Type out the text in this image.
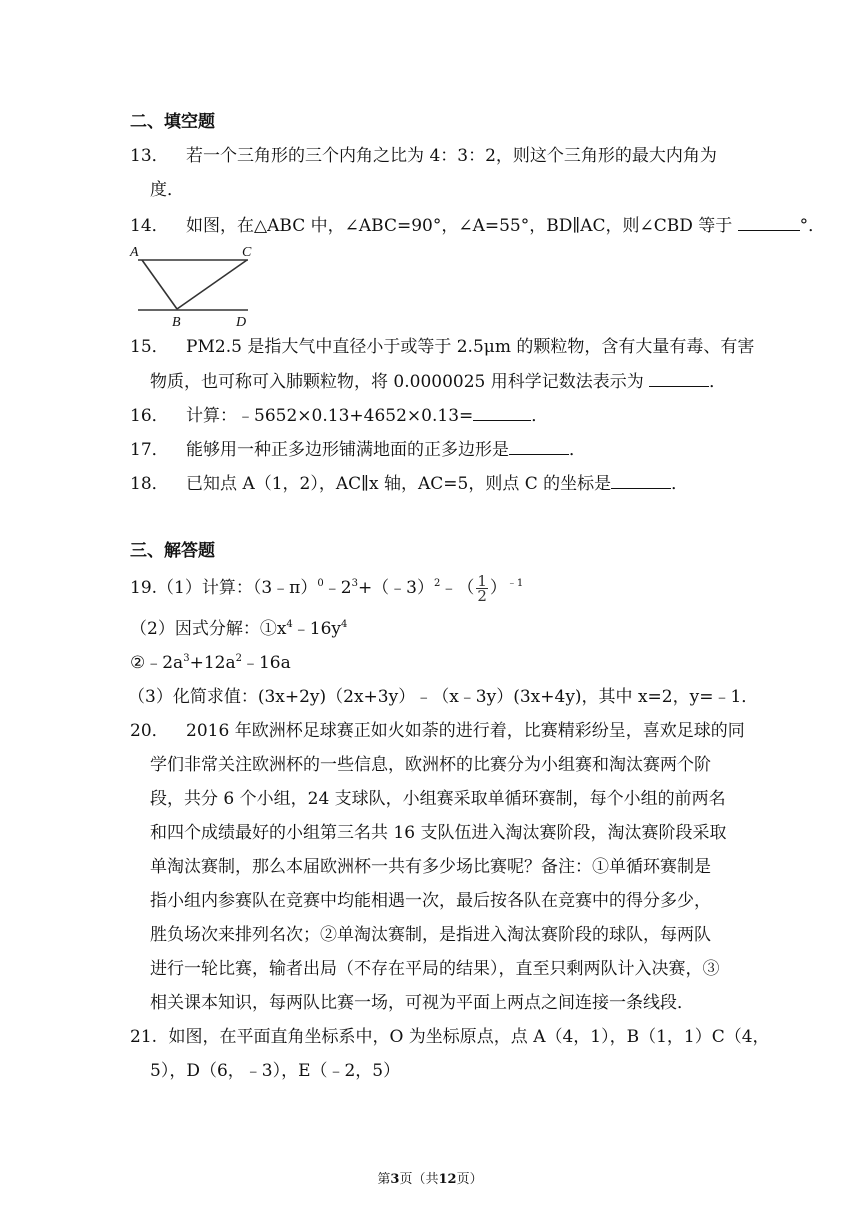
二、填空题
13． 若一个三角形的三个内角之比为 4：3：2，则这个三角形的最大内角为
度．
14． 如图，在△ABC 中，∠ABC=90°，∠A=55°，BD∥AC，则∠CBD 等于	°．
A	C
B	D
15． PM2.5 是指大气中直径小于或等于 2.5μm 的颗粒物，含有大量有毒、有害
物质，也可称可入肺颗粒物，将 0.0000025 用科学记数法表示为	．
16． 计算：﹣5652×0.13+4652×0.13=	．
17． 能够用一种正多边形铺满地面的正多边形是	．
18． 已知点 A（1，2），AC∥x 轴，AC=5，则点 C 的坐标是	．
三、解答题
19.（1）计算：$(3﹣\pi)^0﹣2^3+(﹣3)^2﹣( \frac{1}{2} )^{﹣1}$
（2）因式分解：$①x^4﹣16y^4$
$②﹣2a^3+12a^2﹣16a$
（3）化简求值：(3x+2y)（2x+3y）﹣（x﹣3y）(3x+4y)，其中 x=2，y=﹣1．
20． 2016 年欧洲杯足球赛正如火如荼的进行着，比赛精彩纷呈，喜欢足球的同
学们非常关注欧洲杯的一些信息，欧洲杯的比赛分为小组赛和淘汰赛两个阶
段，共分 6 个小组，24 支球队，小组赛采取单循环赛制，每个小组的前两名
和四个成绩最好的小组第三名共 16 支队伍进入淘汰赛阶段，淘汰赛阶段采取
单淘汰赛制，那么本届欧洲杯一共有多少场比赛呢？备注：①单循环赛制是
指小组内参赛队在竞赛中均能相遇一次，最后按各队在竞赛中的得分多少，
胜负场次来排列名次；②单淘汰赛制，是指进入淘汰赛阶段的球队，每两队
进行一轮比赛，输者出局（不存在平局的结果），直至只剩两队计入决赛，③
相关课本知识，每两队比赛一场，可视为平面上两点之间连接一条线段．
21. 如图，在平面直角坐标系中，O 为坐标原点，点 A（4，1），B（1，1）C（4，
5），D（6，﹣3），E（﹣2，5）
第3页（共12页）
